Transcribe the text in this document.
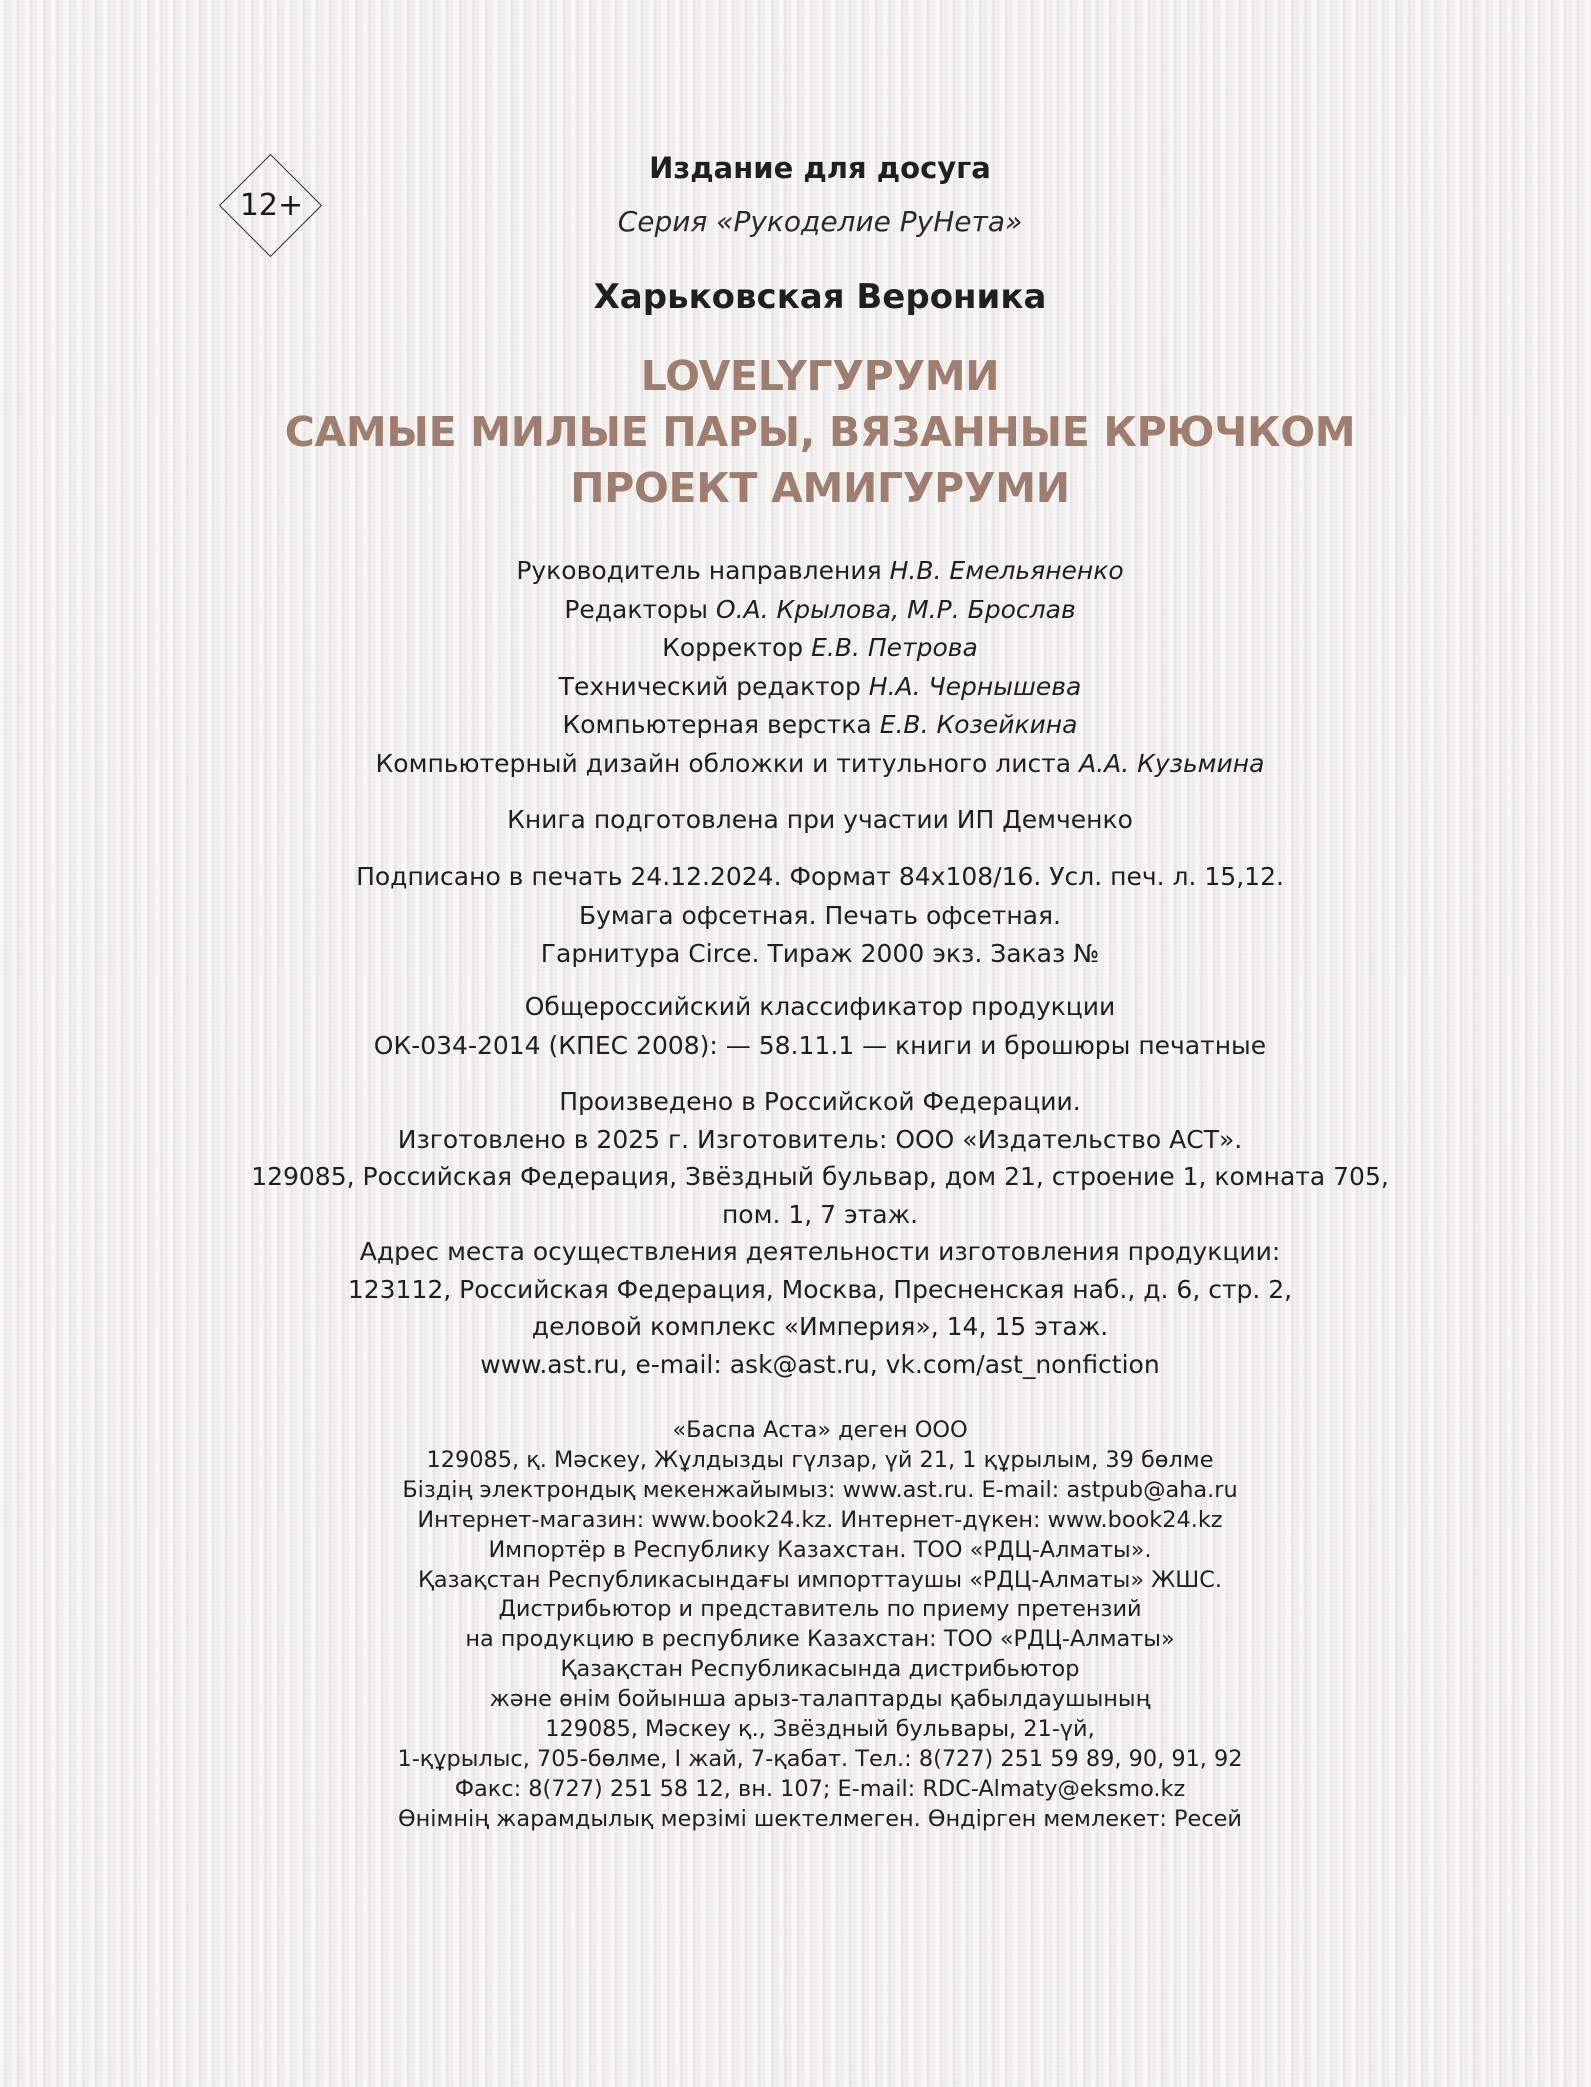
12+
Издание для досуга
Серия «Рукоделие РуНета»
Харьковская Вероника
LOVELYГУРУМИ
САМЫЕ МИЛЫЕ ПАРЫ, ВЯЗАННЫЕ КРЮЧКОМ
ПРОЕКТ АМИГУРУМИ
Руководитель направления Н.В. Емельяненко
Редакторы О.А. Крылова, М.Р. Брослав
Корректор Е.В. Петрова
Технический редактор Н.А. Чернышева
Компьютерная верстка Е.В. Козейкина
Компьютерный дизайн обложки и титульного листа А.А. Кузьмина
Книга подготовлена при участии ИП Демченко
Подписано в печать 24.12.2024. Формат 84x108/16. Усл. печ. л. 15,12.
Бумага офсетная. Печать офсетная.
Гарнитура Circe. Тираж 2000 экз. Заказ №
Общероссийский классификатор продукции
ОК-034-2014 (КПЕС 2008): — 58.11.1 — книги и брошюры печатные
Произведено в Российской Федерации.
Изготовлено в 2025 г. Изготовитель: ООО «Издательство АСТ».
129085, Российская Федерация, Звёздный бульвар, дом 21, строение 1, комната 705,
пом. 1, 7 этаж.
Адрес места осуществления деятельности изготовления продукции:
123112, Российская Федерация, Москва, Пресненская наб., д. 6, стр. 2,
деловой комплекс «Империя», 14, 15 этаж.
www.ast.ru, e-mail: ask@ast.ru, vk.com/ast_nonfiction
«Баспа Аста» деген ООО
129085, қ. Мәскеу, Жұлдызды гүлзар, үй 21, 1 құрылым, 39 бөлме
Біздің электрондық мекенжайымыз: www.ast.ru. E-mail: astpub@aha.ru
Интернет-магазин: www.book24.kz. Интернет-дүкен: www.book24.kz
Импортёр в Республику Казахстан. ТОО «РДЦ-Алматы».
Қазақстан Республикасындағы импорттаушы «РДЦ-Алматы» ЖШС.
Дистрибьютор и представитель по приему претензий
на продукцию в республике Казахстан: ТОО «РДЦ-Алматы»
Қазақстан Республикасында дистрибьютор
және өнім бойынша арыз-талаптарды қабылдаушының
129085, Мәскеу қ., Звёздный бульвары, 21-үй,
1-құрылыс, 705-бөлме, I жай, 7-қабат. Тел.: 8(727) 251 59 89, 90, 91, 92
Факс: 8(727) 251 58 12, вн. 107; E-mail: RDC-Almaty@eksmo.kz
Өнімнің жарамдылық мерзімі шектелмеген. Өндірген мемлекет: Ресей
